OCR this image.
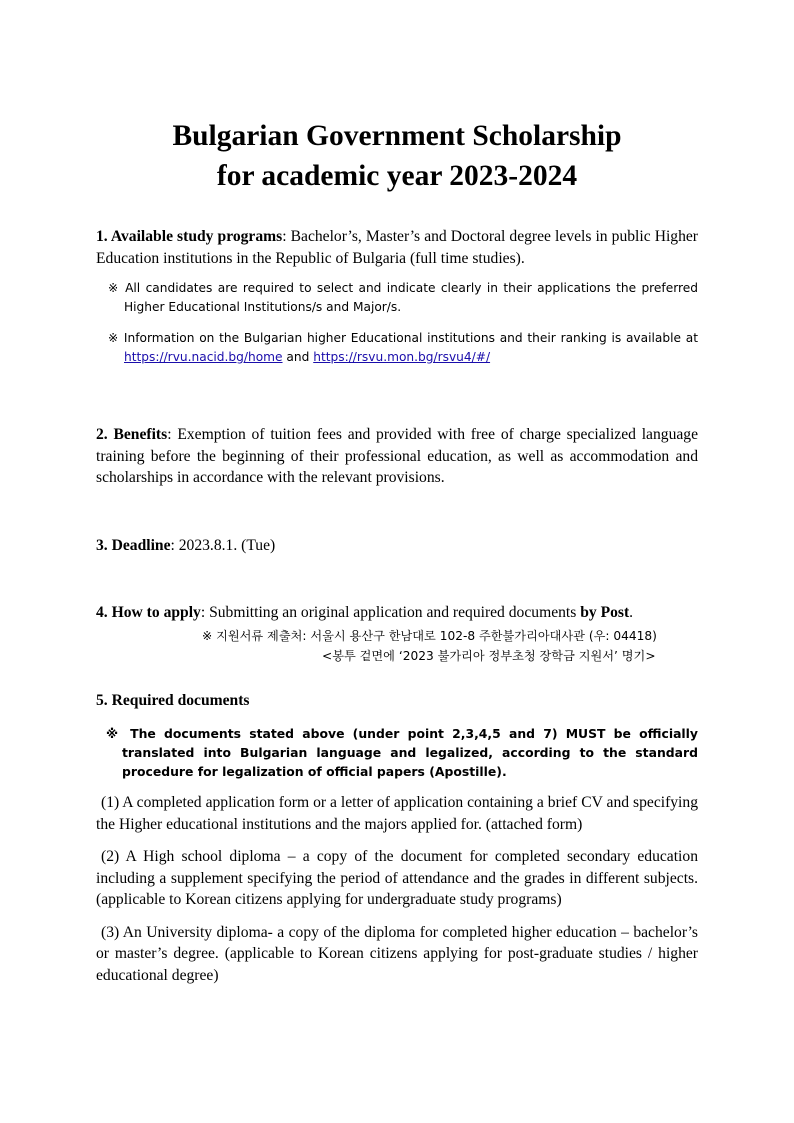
Bulgarian Government Scholarship
for academic year 2023-2024
1. Available study programs: Bachelor’s, Master’s and Doctoral degree levels in public Higher Education institutions in the Republic of Bulgaria (full time studies).
※ All candidates are required to select and indicate clearly in their applications the preferred Higher Educational Institutions/s and Major/s.
※ Information on the Bulgarian higher Educational institutions and their ranking is available at https://rvu.nacid.bg/home and https://rsvu.mon.bg/rsvu4/#/
2. Benefits: Exemption of tuition fees and provided with free of charge specialized language training before the beginning of their professional education, as well as accommodation and scholarships in accordance with the relevant provisions.
3. Deadline: 2023.8.1. (Tue)
4. How to apply: Submitting an original application and required documents by Post.
※ 지원서류 제출처: 서울시 용산구 한남대로 102-8 주한불가리아대사관 (우: 04418)
<봉투 겉면에 ‘2023 불가리아 정부초청 장학금 지원서’ 명기>
5. Required documents
※ The documents stated above (under point 2,3,4,5 and 7) MUST be officially translated into Bulgarian language and legalized, according to the standard procedure for legalization of official papers (Apostille).
(1) A completed application form or a letter of application containing a brief CV and specifying the Higher educational institutions and the majors applied for. (attached form)
(2) A High school diploma – a copy of the document for completed secondary education including a supplement specifying the period of attendance and the grades in different subjects. (applicable to Korean citizens applying for undergraduate study programs)
(3) An University diploma- a copy of the diploma for completed higher education – bachelor’s or master’s degree. (applicable to Korean citizens applying for post-graduate studies / higher educational degree)
